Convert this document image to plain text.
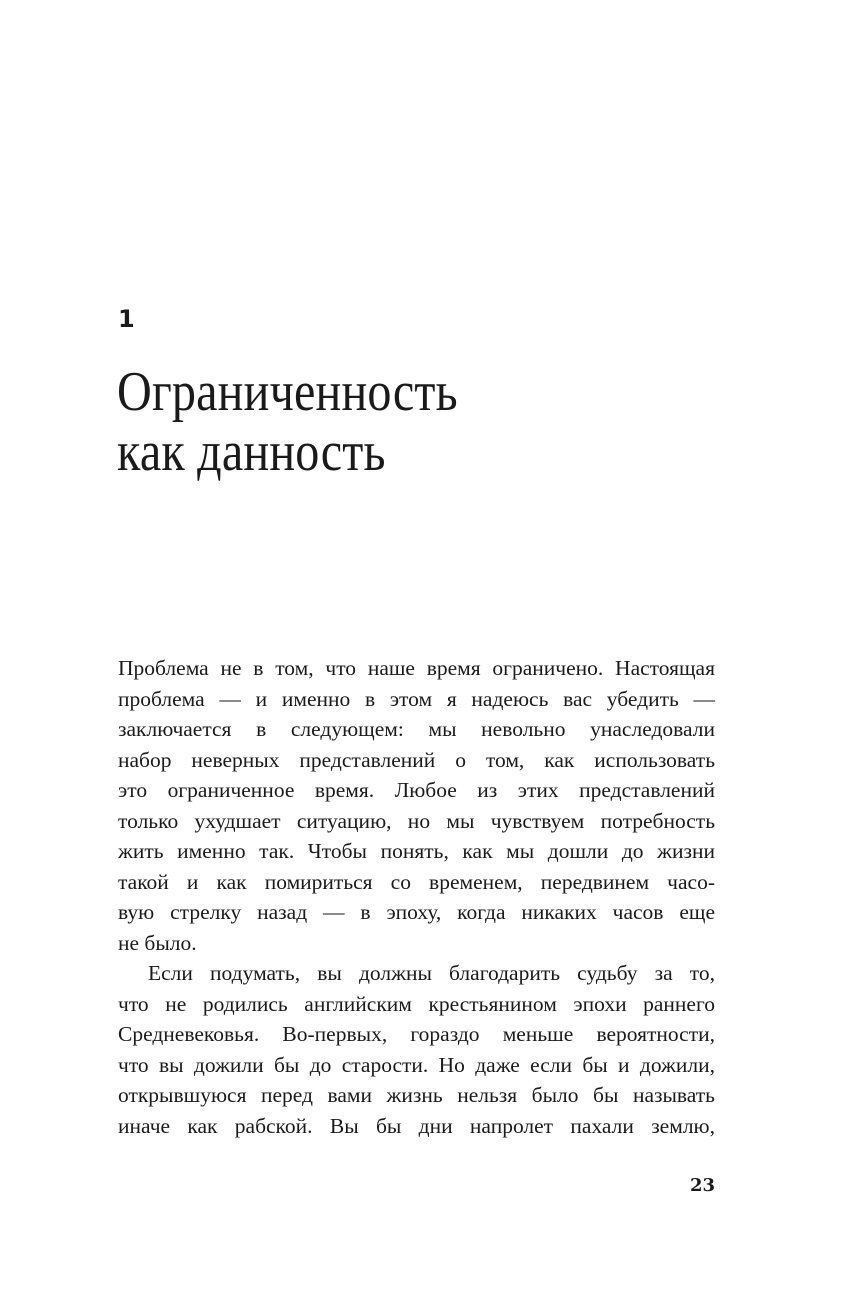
1
Ограниченность
как данность
Проблема не в том, что наше время ограничено. Настоящая
проблема — и именно в этом я надеюсь вас убедить —
заключается в следующем: мы невольно унаследовали
набор неверных представлений о том, как использовать
это ограниченное время. Любое из этих представлений
только ухудшает ситуацию, но мы чувствуем потребность
жить именно так. Чтобы понять, как мы дошли до жизни
такой и как помириться со временем, передвинем часо-
вую стрелку назад — в эпоху, когда никаких часов еще
не было.
Если подумать, вы должны благодарить судьбу за то,
что не родились английским крестьянином эпохи раннего
Средневековья. Во-первых, гораздо меньше вероятности,
что вы дожили бы до старости. Но даже если бы и дожили,
открывшуюся перед вами жизнь нельзя было бы называть
иначе как рабской. Вы бы дни напролет пахали землю,
23
